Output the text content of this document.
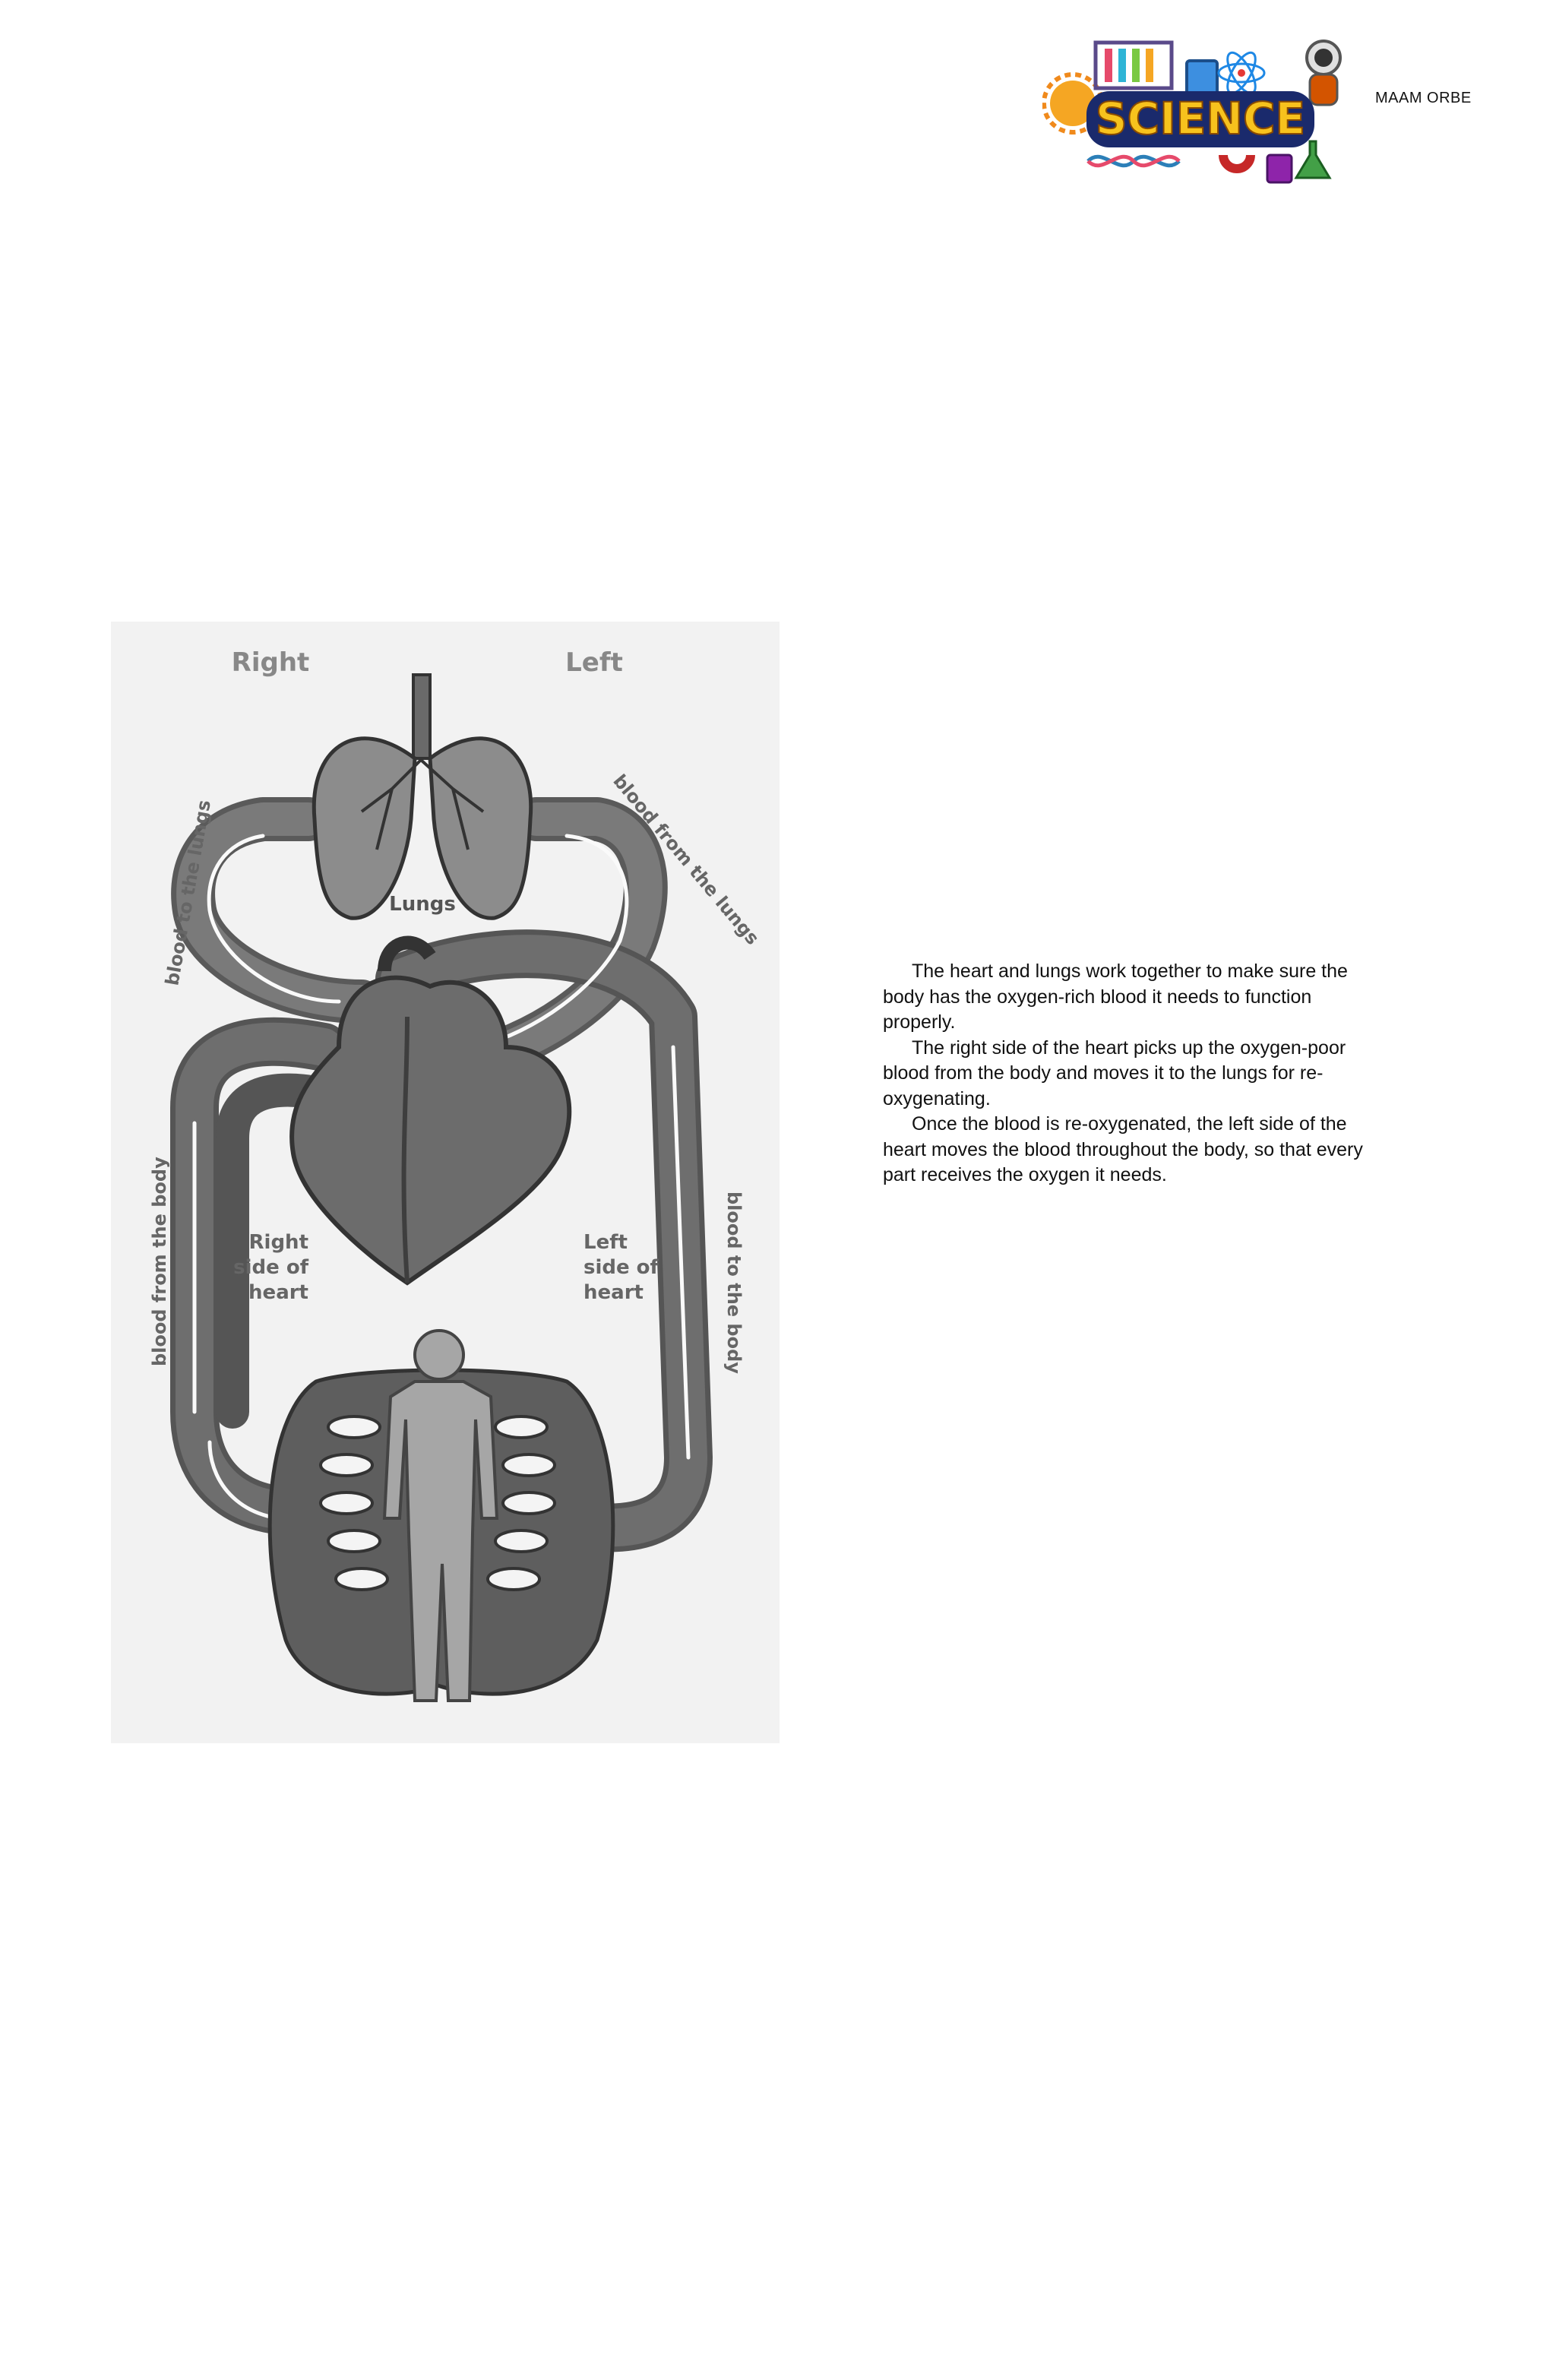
SCIENCE	MAAM ORBE
Right	Left
Lungs
blood to the lungs	blood from the lungs
blood from the body	blood to the body
Right
side of
heart
Left
side of
heart

The heart and lungs work together to make sure the body has the oxygen-rich blood it needs to function properly.

The right side of the heart picks up the oxygen-poor blood from the body and moves it to the lungs for re-oxygenating.

Once the blood is re-oxygenated, the left side of the heart moves the blood throughout the body, so that every part receives the oxygen it needs.
